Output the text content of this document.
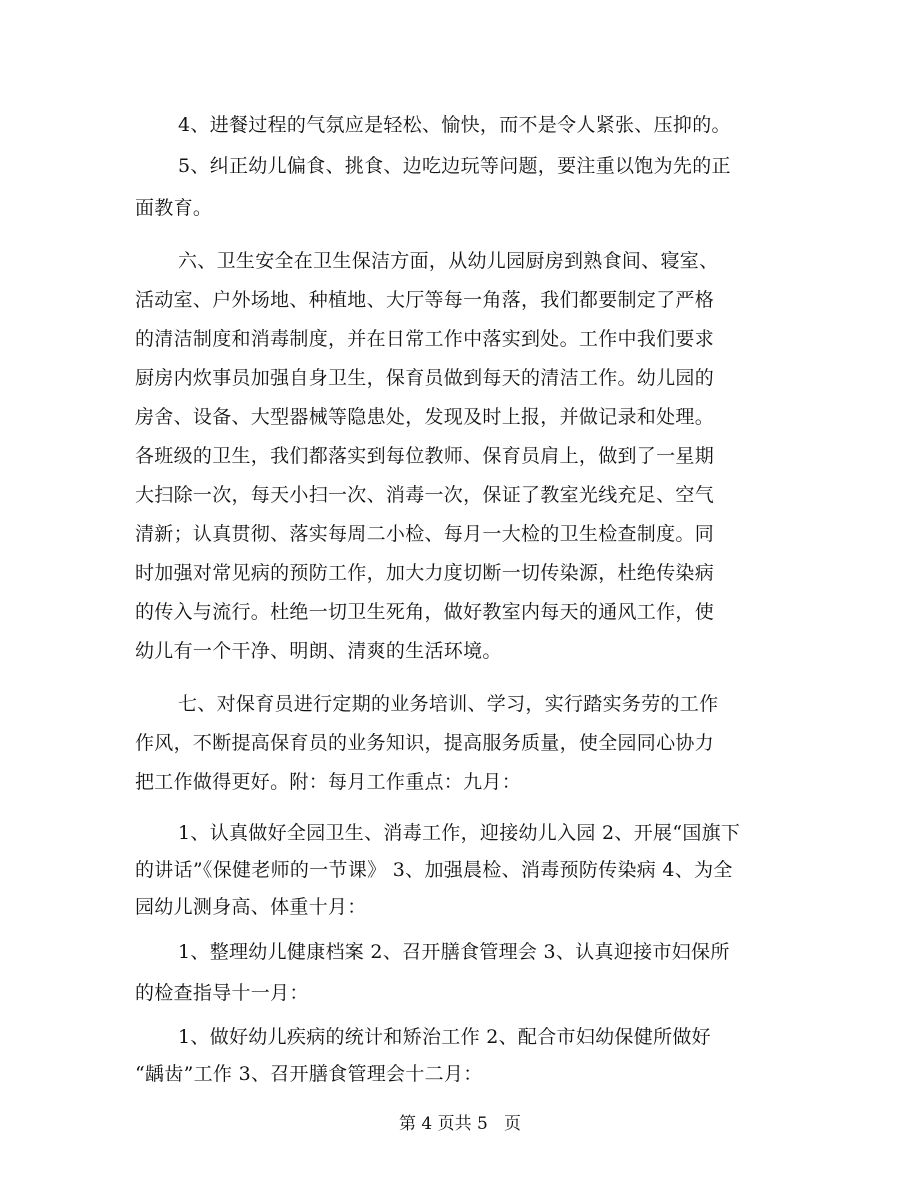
4、进餐过程的气氛应是轻松、愉快，而不是令人紧张、压抑的。
5、纠正幼儿偏食、挑食、边吃边玩等问题，要注重以饱为先的正
面教育。
六、卫生安全在卫生保洁方面，从幼儿园厨房到熟食间、寝室、
活动室、户外场地、种植地、大厅等每一角落，我们都要制定了严格
的清洁制度和消毒制度，并在日常工作中落实到处。工作中我们要求
厨房内炊事员加强自身卫生，保育员做到每天的清洁工作。幼儿园的
房舍、设备、大型器械等隐患处，发现及时上报，并做记录和处理。
各班级的卫生，我们都落实到每位教师、保育员肩上，做到了一星期
大扫除一次，每天小扫一次、消毒一次，保证了教室光线充足、空气
清新；认真贯彻、落实每周二小检、每月一大检的卫生检查制度。同
时加强对常见病的预防工作，加大力度切断一切传染源，杜绝传染病
的传入与流行。杜绝一切卫生死角，做好教室内每天的通风工作，使
幼儿有一个干净、明朗、清爽的生活环境。
七、对保育员进行定期的业务培训、学习，实行踏实务劳的工作
作风，不断提高保育员的业务知识，提高服务质量，使全园同心协力
把工作做得更好。附：每月工作重点：九月：
1、认真做好全园卫生、消毒工作，迎接幼儿入园 2、开展“国旗下
的讲话”《保健老师的一节课》 3、加强晨检、消毒预防传染病 4、为全
园幼儿测身高、体重十月：
1、整理幼儿健康档案 2、召开膳食管理会 3、认真迎接市妇保所
的检查指导十一月：
1、做好幼儿疾病的统计和矫治工作 2、配合市妇幼保健所做好
“龋齿”工作 3、召开膳食管理会十二月：
第 4 页共 5   页
